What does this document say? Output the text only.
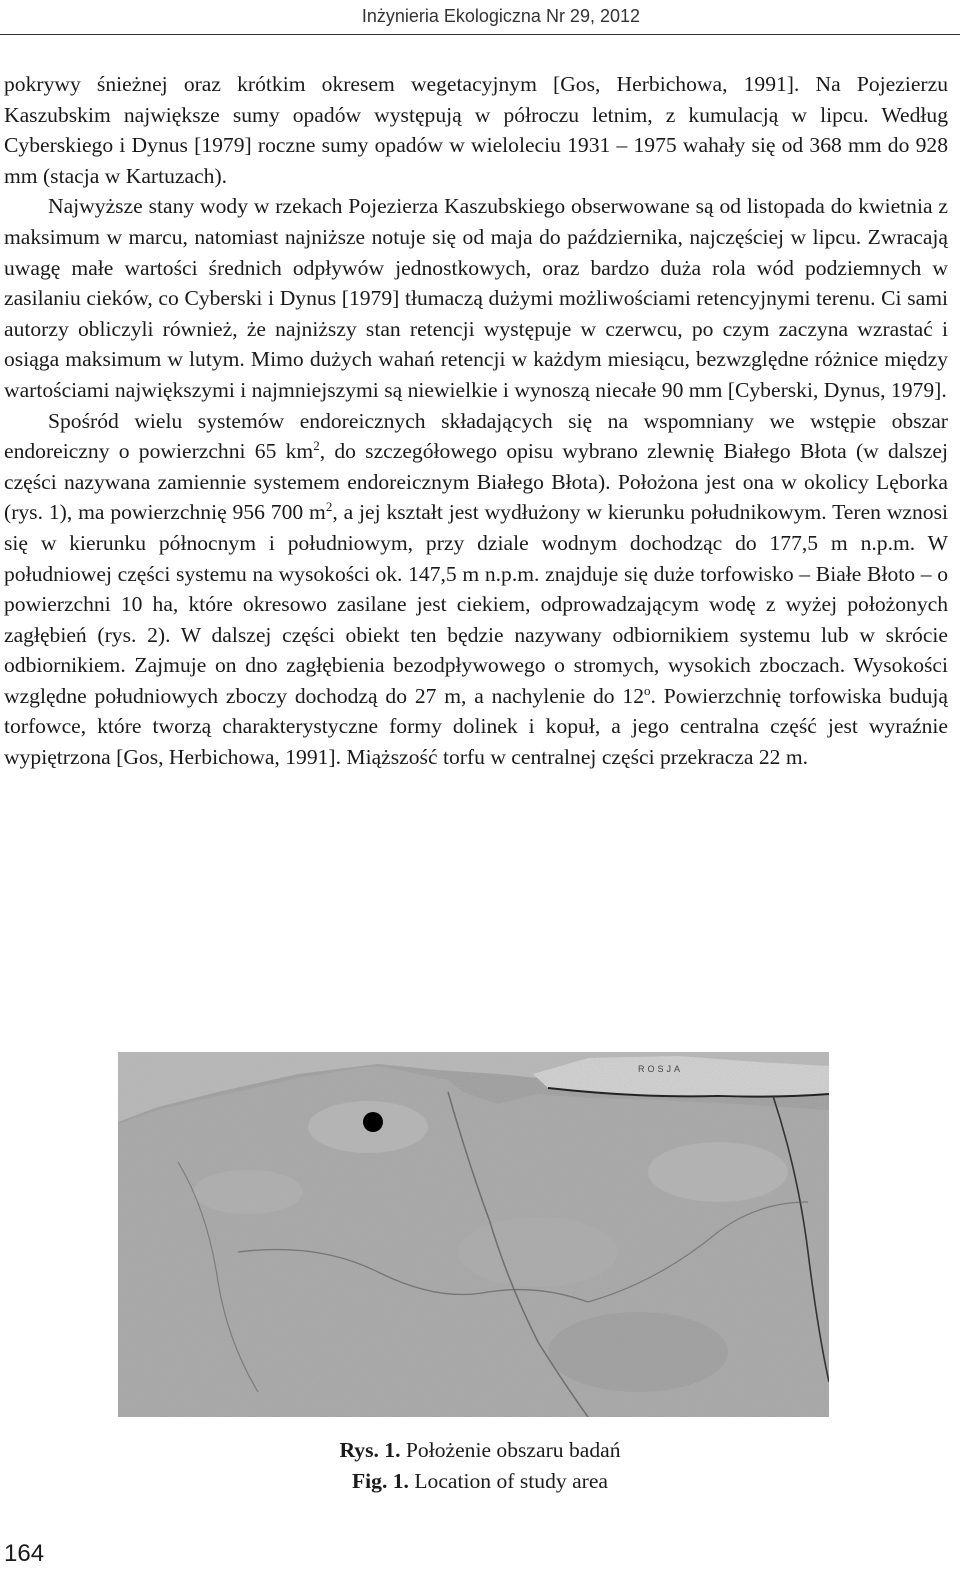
Inżynieria Ekologiczna Nr 29, 2012

pokrywy śnieżnej oraz krótkim okresem wegetacyjnym [Gos, Herbichowa, 1991]. Na Pojezierzu Kaszubskim największe sumy opadów występują w półroczu letnim, z kumulacją w lipcu. Według Cyberskiego i Dynus [1979] roczne sumy opadów w wieloleciu 1931 – 1975 wahały się od 368 mm do 928 mm (stacja w Kartuzach).

Najwyższe stany wody w rzekach Pojezierza Kaszubskiego obserwowane są od listopada do kwietnia z maksimum w marcu, natomiast najniższe notuje się od maja do października, najczęściej w lipcu. Zwracają uwagę małe wartości średnich odpływów jednostkowych, oraz bardzo duża rola wód podziemnych w zasilaniu cieków, co Cyberski i Dynus [1979] tłumaczą dużymi możliwościami retencyjnymi terenu. Ci sami autorzy obliczyli również, że najniższy stan retencji występuje w czerwcu, po czym zaczyna wzrastać i osiąga maksimum w lutym. Mimo dużych wahań retencji w każdym miesiącu, bezwzględne różnice między wartościami największymi i najmniejszymi są niewielkie i wynoszą niecałe 90 mm [Cyberski, Dynus, 1979].

Spośród wielu systemów endoreicznych składających się na wspomniany we wstępie obszar endoreiczny o powierzchni 65 $km^2$, do szczegółowego opisu wybrano zlewnię Białego Błota (w dalszej części nazywana zamiennie systemem endoreicznym Białego Błota). Położona jest ona w okolicy Lęborka (rys. 1), ma powierzchnię 956 700 $m^2$, a jej kształt jest wydłużony w kierunku południkowym. Teren wznosi się w kierunku północnym i południowym, przy dziale wodnym dochodząc do 177,5 m n.p.m. W południowej części systemu na wysokości ok. 147,5 m n.p.m. znajduje się duże torfowisko – Białe Błoto – o powierzchni 10 ha, które okresowo zasilane jest ciekiem, odprowadzającym wodę z wyżej położonych zagłębień (rys. 2). W dalszej części obiekt ten będzie nazywany odbiornikiem systemu lub w skrócie odbiornikiem. Zajmuje on dno zagłębienia bezodpływowego o stromych, wysokich zboczach. Wysokości względne południowych zboczy dochodzą do 27 m, a nachylenie do 12$^o$. Powierzchnię torfowiska budują torfowce, które tworzą charakterystyczne formy dolinek i kopuł, a jego centralna część jest wyraźnie wypiętrzona [Gos, Herbichowa, 1991]. Miąższość torfu w centralnej części przekracza 22 m.

ROSJA
Rys. 1. Położenie obszaru badań
Fig. 1. Location of study area
164
